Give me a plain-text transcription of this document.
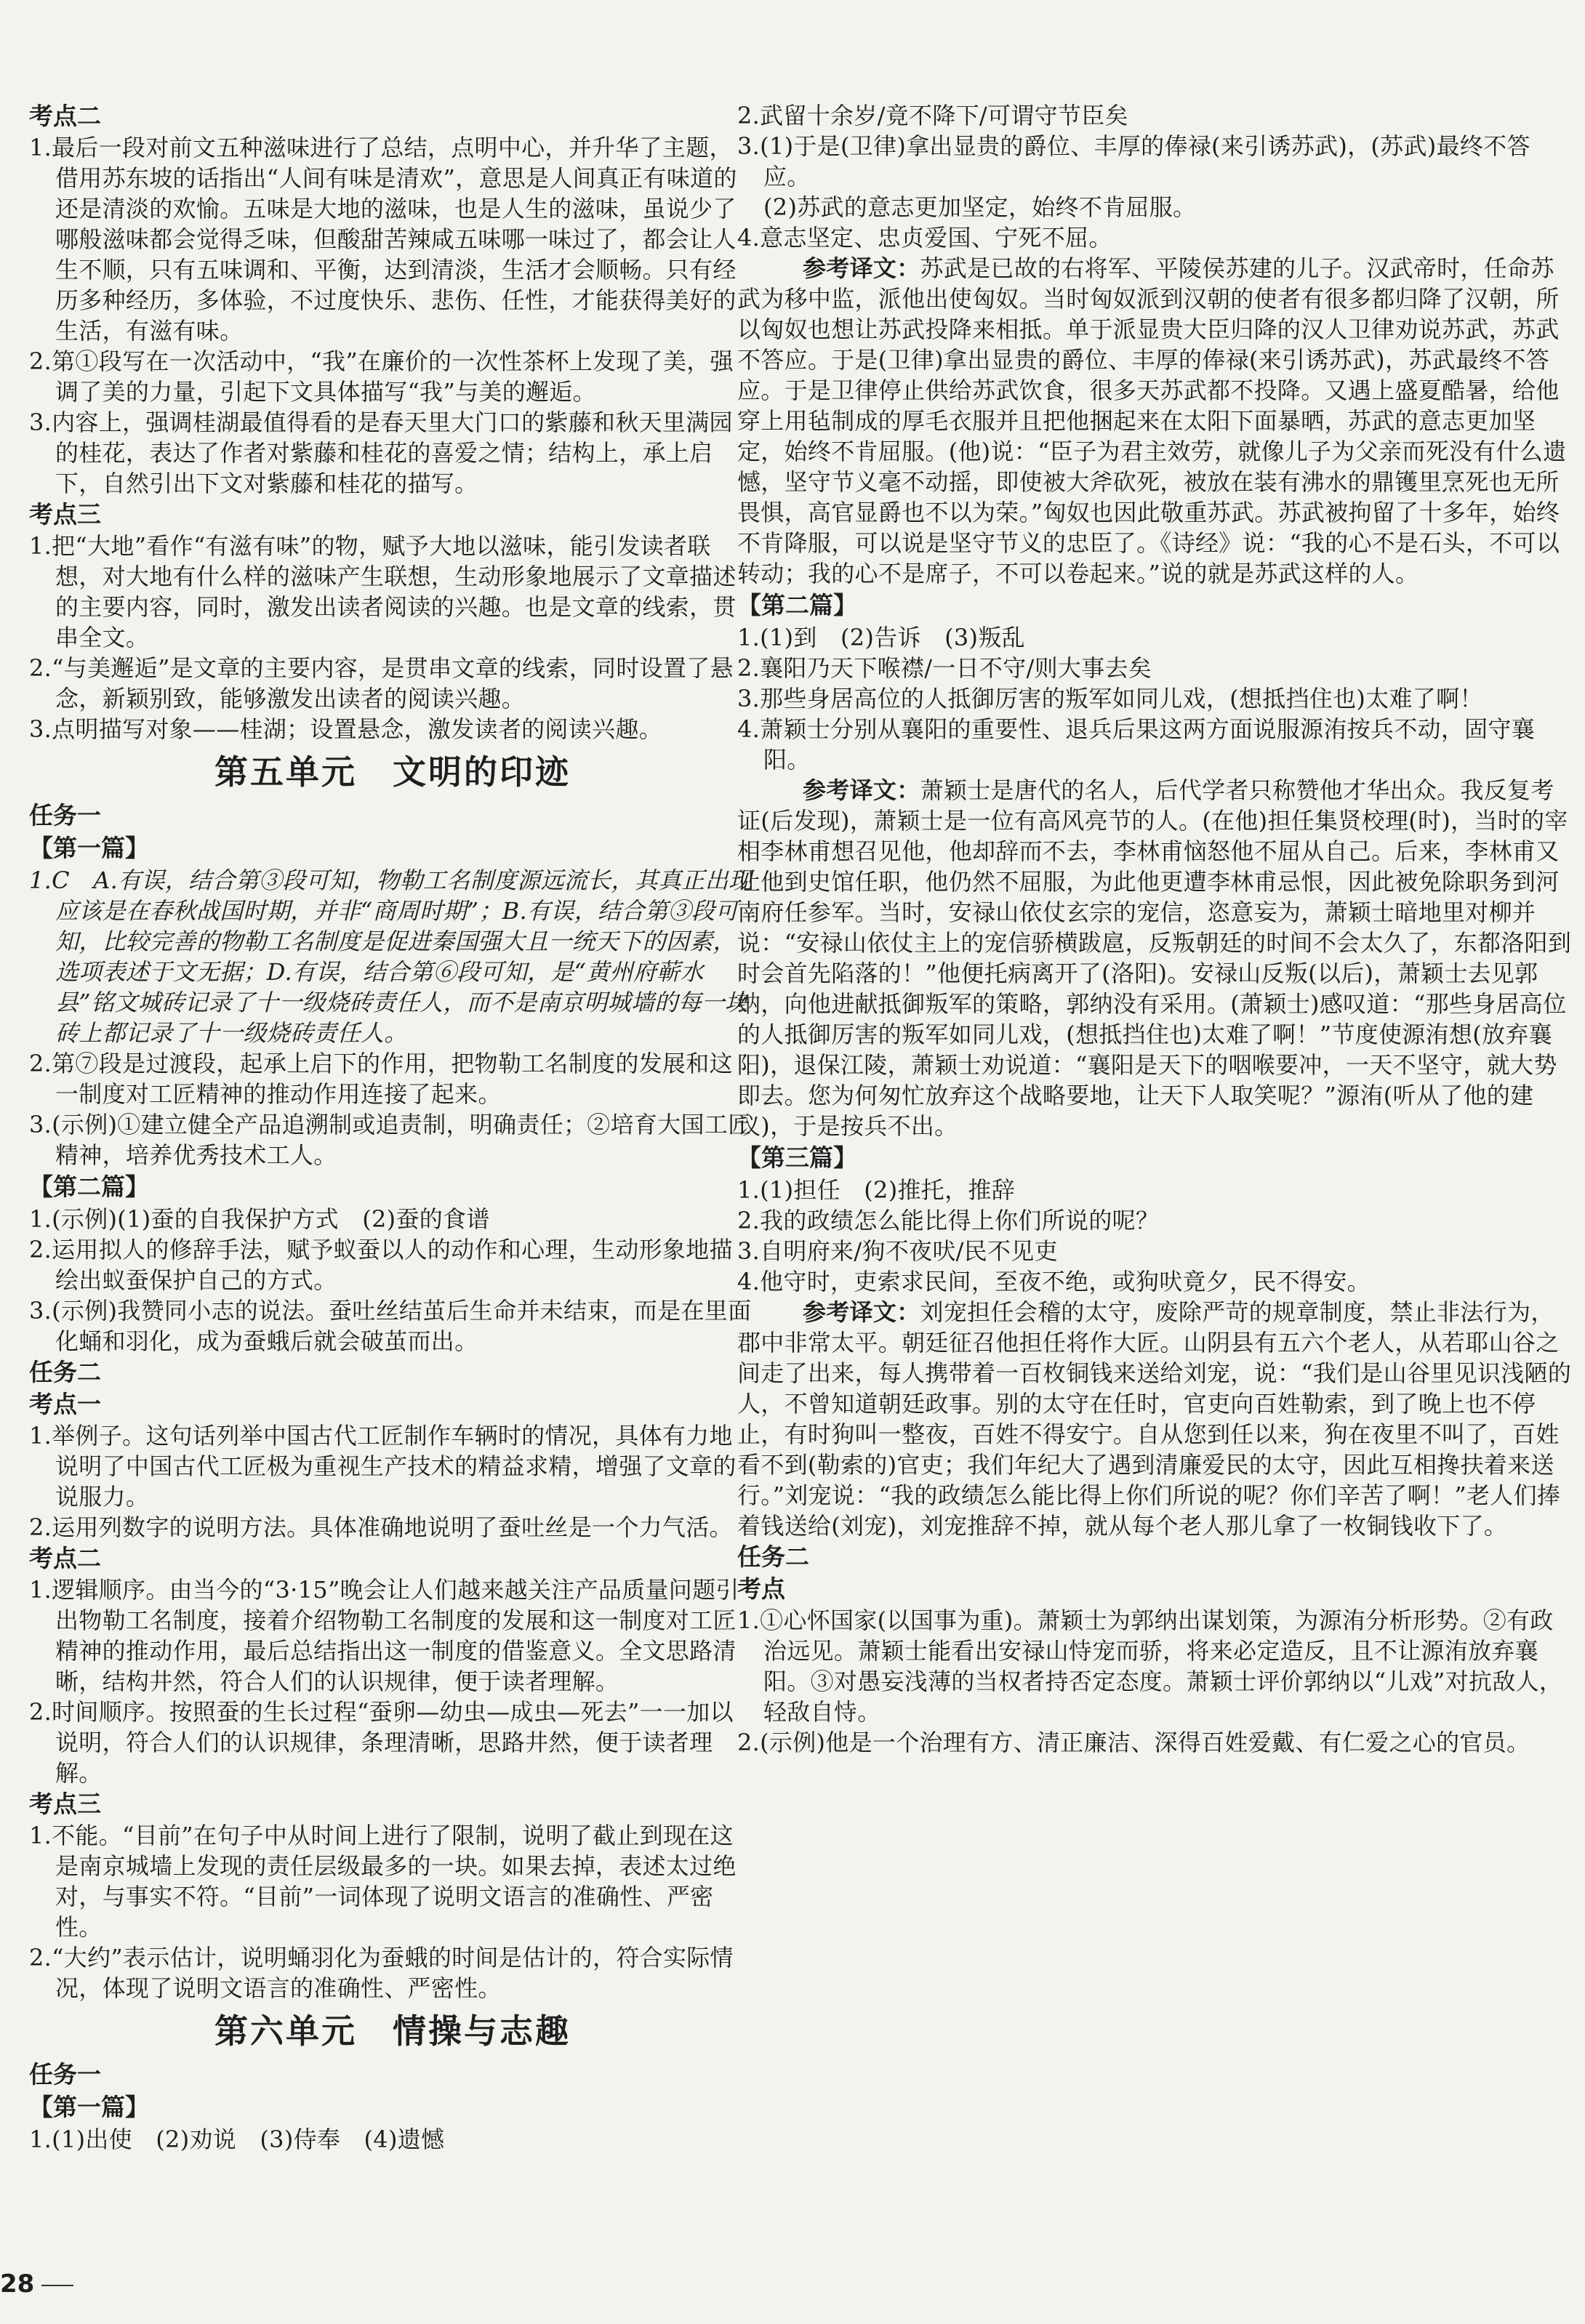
考点二
1.最后一段对前文五种滋味进行了总结，点明中心，并升华了主题，借用苏东坡的话指出“人间有味是清欢”，意思是人间真正有味道的还是清淡的欢愉。五味是大地的滋味，也是人生的滋味，虽说少了哪般滋味都会觉得乏味，但酸甜苦辣咸五味哪一味过了，都会让人生不顺，只有五味调和、平衡，达到清淡，生活才会顺畅。只有经历多种经历，多体验，不过度快乐、悲伤、任性，才能获得美好的生活，有滋有味。
2.第①段写在一次活动中，“我”在廉价的一次性茶杯上发现了美，强调了美的力量，引起下文具体描写“我”与美的邂逅。
3.内容上，强调桂湖最值得看的是春天里大门口的紫藤和秋天里满园的桂花，表达了作者对紫藤和桂花的喜爱之情；结构上，承上启下，自然引出下文对紫藤和桂花的描写。
考点三
1.把“大地”看作“有滋有味”的物，赋予大地以滋味，能引发读者联想，对大地有什么样的滋味产生联想，生动形象地展示了文章描述的主要内容，同时，激发出读者阅读的兴趣。也是文章的线索，贯串全文。
2.“与美邂逅”是文章的主要内容，是贯串文章的线索，同时设置了悬念，新颖别致，能够激发出读者的阅读兴趣。
3.点明描写对象——桂湖；设置悬念，激发读者的阅读兴趣。
第五单元　文明的印迹
任务一
【第一篇】
1.C　A.有误，结合第③段可知，物勒工名制度源远流长，其真正出现应该是在春秋战国时期，并非“商周时期”；B.有误，结合第③段可知，比较完善的物勒工名制度是促进秦国强大且一统天下的因素，选项表述于文无据；D.有误，结合第⑥段可知，是“黄州府蕲水县”铭文城砖记录了十一级烧砖责任人，而不是南京明城墙的每一块砖上都记录了十一级烧砖责任人。
2.第⑦段是过渡段，起承上启下的作用，把物勒工名制度的发展和这一制度对工匠精神的推动作用连接了起来。
3.(示例)①建立健全产品追溯制或追责制，明确责任；②培育大国工匠精神，培养优秀技术工人。
【第二篇】
1.(示例)(1)蚕的自我保护方式　(2)蚕的食谱
2.运用拟人的修辞手法，赋予蚁蚕以人的动作和心理，生动形象地描绘出蚁蚕保护自己的方式。
3.(示例)我赞同小志的说法。蚕吐丝结茧后生命并未结束，而是在里面化蛹和羽化，成为蚕蛾后就会破茧而出。
任务二
考点一
1.举例子。这句话列举中国古代工匠制作车辆时的情况，具体有力地说明了中国古代工匠极为重视生产技术的精益求精，增强了文章的说服力。
2.运用列数字的说明方法。具体准确地说明了蚕吐丝是一个力气活。
考点二
1.逻辑顺序。由当今的“3·15”晚会让人们越来越关注产品质量问题引出物勒工名制度，接着介绍物勒工名制度的发展和这一制度对工匠精神的推动作用，最后总结指出这一制度的借鉴意义。全文思路清晰，结构井然，符合人们的认识规律，便于读者理解。
2.时间顺序。按照蚕的生长过程“蚕卵—幼虫—成虫—死去”一一加以说明，符合人们的认识规律，条理清晰，思路井然，便于读者理解。
考点三
1.不能。“目前”在句子中从时间上进行了限制，说明了截止到现在这是南京城墙上发现的责任层级最多的一块。如果去掉，表述太过绝对，与事实不符。“目前”一词体现了说明文语言的准确性、严密性。
2.“大约”表示估计，说明蛹羽化为蚕蛾的时间是估计的，符合实际情况，体现了说明文语言的准确性、严密性。
第六单元　情操与志趣
任务一
【第一篇】
1.(1)出使　(2)劝说　(3)侍奉　(4)遗憾
2.武留十余岁/竟不降下/可谓守节臣矣
3.(1)于是(卫律)拿出显贵的爵位、丰厚的俸禄(来引诱苏武)，(苏武)最终不答应。
(2)苏武的意志更加坚定，始终不肯屈服。
4.意志坚定、忠贞爱国、宁死不屈。
参考译文：苏武是已故的右将军、平陵侯苏建的儿子。汉武帝时，任命苏武为移中监，派他出使匈奴。当时匈奴派到汉朝的使者有很多都归降了汉朝，所以匈奴也想让苏武投降来相抵。单于派显贵大臣归降的汉人卫律劝说苏武，苏武不答应。于是(卫律)拿出显贵的爵位、丰厚的俸禄(来引诱苏武)，苏武最终不答应。于是卫律停止供给苏武饮食，很多天苏武都不投降。又遇上盛夏酷暑，给他穿上用毡制成的厚毛衣服并且把他捆起来在太阳下面暴晒，苏武的意志更加坚定，始终不肯屈服。(他)说：“臣子为君主效劳，就像儿子为父亲而死没有什么遗憾，坚守节义毫不动摇，即使被大斧砍死，被放在装有沸水的鼎镬里烹死也无所畏惧，高官显爵也不以为荣。”匈奴也因此敬重苏武。苏武被拘留了十多年，始终不肯降服，可以说是坚守节义的忠臣了。《诗经》说：“我的心不是石头，不可以转动；我的心不是席子，不可以卷起来。”说的就是苏武这样的人。
【第二篇】
1.(1)到　(2)告诉　(3)叛乱
2.襄阳乃天下喉襟/一日不守/则大事去矣
3.那些身居高位的人抵御厉害的叛军如同儿戏，(想抵挡住也)太难了啊！
4.萧颖士分别从襄阳的重要性、退兵后果这两方面说服源洧按兵不动，固守襄阳。
参考译文：萧颖士是唐代的名人，后代学者只称赞他才华出众。我反复考证(后发现)，萧颖士是一位有高风亮节的人。(在他)担任集贤校理(时)，当时的宰相李林甫想召见他，他却辞而不去，李林甫恼怒他不屈从自己。后来，李林甫又让他到史馆任职，他仍然不屈服，为此他更遭李林甫忌恨，因此被免除职务到河南府任参军。当时，安禄山依仗玄宗的宠信，恣意妄为，萧颖士暗地里对柳并说：“安禄山依仗主上的宠信骄横跋扈，反叛朝廷的时间不会太久了，东都洛阳到时会首先陷落的！”他便托病离开了(洛阳)。安禄山反叛(以后)，萧颖士去见郭纳，向他进献抵御叛军的策略，郭纳没有采用。(萧颖士)感叹道：“那些身居高位的人抵御厉害的叛军如同儿戏，(想抵挡住也)太难了啊！”节度使源洧想(放弃襄阳)，退保江陵，萧颖士劝说道：“襄阳是天下的咽喉要冲，一天不坚守，就大势即去。您为何匆忙放弃这个战略要地，让天下人取笑呢？”源洧(听从了他的建议)，于是按兵不出。
【第三篇】
1.(1)担任　(2)推托，推辞
2.我的政绩怎么能比得上你们所说的呢？
3.自明府来/狗不夜吠/民不见吏
4.他守时，吏索求民间，至夜不绝，或狗吠竟夕，民不得安。
参考译文：刘宠担任会稽的太守，废除严苛的规章制度，禁止非法行为，郡中非常太平。朝廷征召他担任将作大匠。山阴县有五六个老人，从若耶山谷之间走了出来，每人携带着一百枚铜钱来送给刘宠，说：“我们是山谷里见识浅陋的人，不曾知道朝廷政事。别的太守在任时，官吏向百姓勒索，到了晚上也不停止，有时狗叫一整夜，百姓不得安宁。自从您到任以来，狗在夜里不叫了，百姓看不到(勒索的)官吏；我们年纪大了遇到清廉爱民的太守，因此互相搀扶着来送行。”刘宠说：“我的政绩怎么能比得上你们所说的呢？你们辛苦了啊！”老人们捧着钱送给(刘宠)，刘宠推辞不掉，就从每个老人那儿拿了一枚铜钱收下了。
任务二
考点
1.①心怀国家(以国事为重)。萧颖士为郭纳出谋划策，为源洧分析形势。②有政治远见。萧颖士能看出安禄山恃宠而骄，将来必定造反，且不让源洧放弃襄阳。③对愚妄浅薄的当权者持否定态度。萧颖士评价郭纳以“儿戏”对抗敌人，轻敌自恃。
2.(示例)他是一个治理有方、清正廉洁、深得百姓爱戴、有仁爱之心的官员。
28
